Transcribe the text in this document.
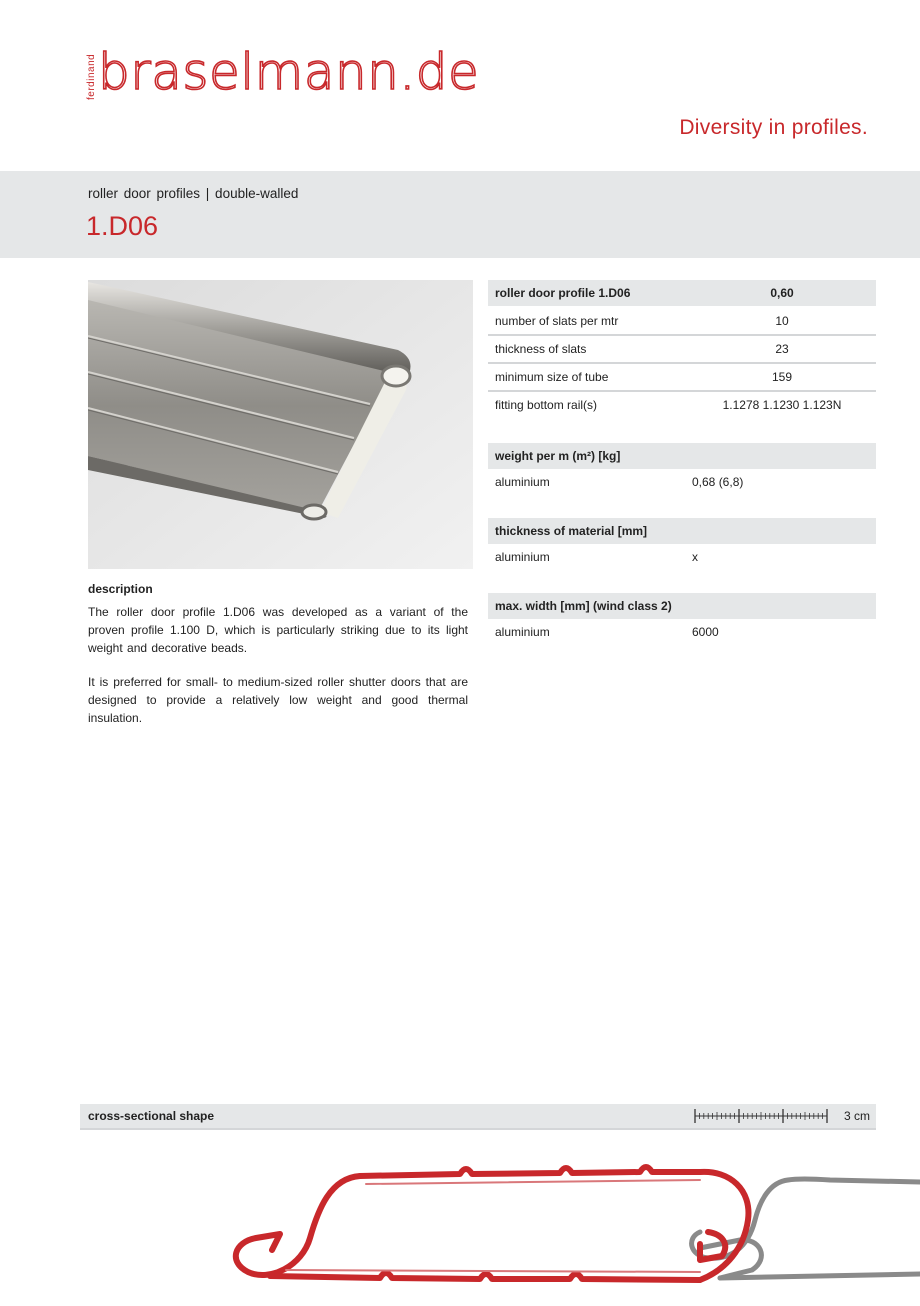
ferdinand braselmann.de
Diversity in profiles.
roller door profiles | double-walled
1.D06
description

The roller door profile 1.D06 was developed as a variant of the proven profile 1.100 D, which is particularly striking due to its light weight and decorative beads.

It is preferred for small- to medium-sized roller shutter doors that are designed to provide a relatively low weight and good thermal insulation.

roller door profile 1.D06	0,60
number of slats per mtr	10
thickness of slats	23
minimum size of tube	159
fitting bottom rail(s)	1.1278 1.1230 1.123N
weight per m (m²) [kg]
aluminium	0,68 (6,8)
thickness of material [mm]
aluminium	x
max. width [mm] (wind class 2)
aluminium	6000
cross-sectional shape	3 cm
